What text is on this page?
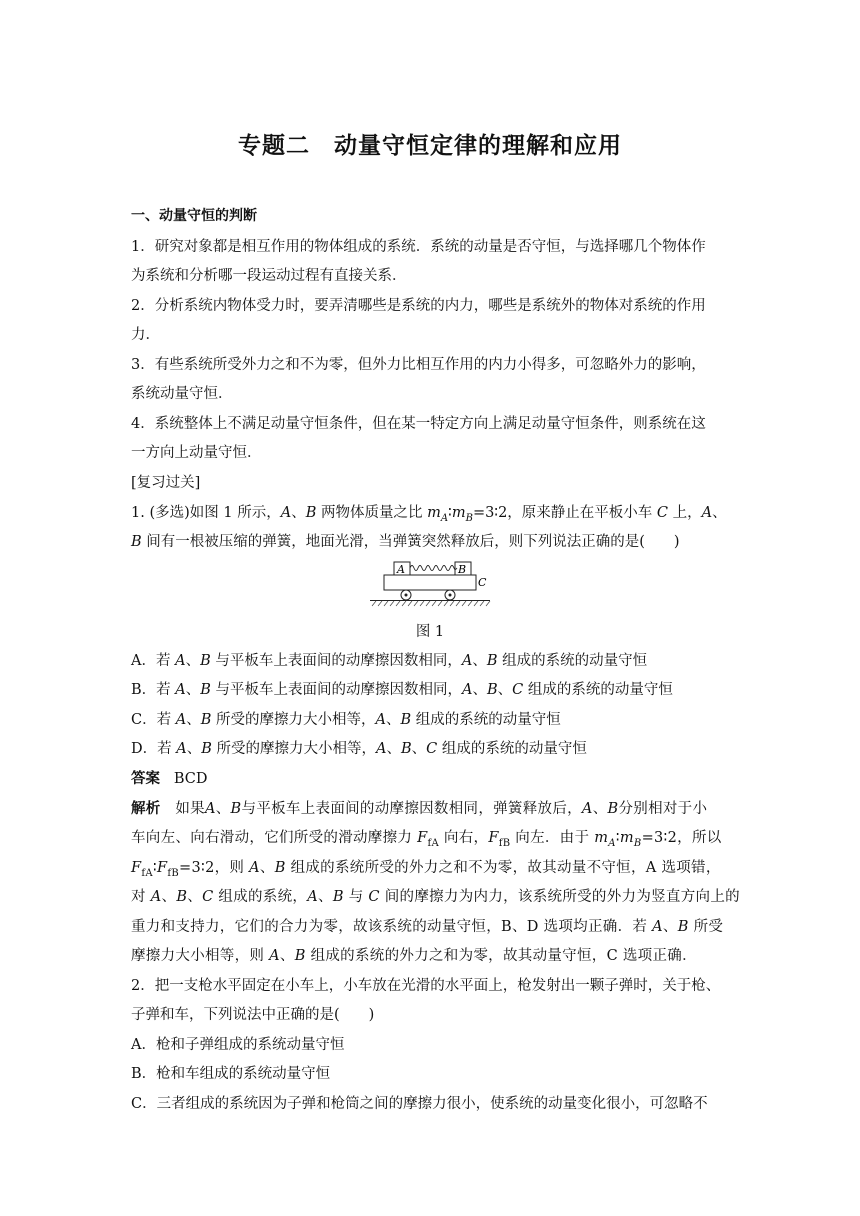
专题二　动量守恒定律的理解和应用
一、动量守恒的判断
1．研究对象都是相互作用的物体组成的系统．系统的动量是否守恒，与选择哪几个物体作
为系统和分析哪一段运动过程有直接关系．
2．分析系统内物体受力时，要弄清哪些是系统的内力，哪些是系统外的物体对系统的作用
力．
3．有些系统所受外力之和不为零，但外力比相互作用的内力小得多，可忽略外力的影响，
系统动量守恒．
4．系统整体上不满足动量守恒条件，但在某一特定方向上满足动量守恒条件，则系统在这
一方向上动量守恒．
[复习过关]
1. (多选)如图 1 所示，A、B 两物体质量之比 $m_A∶m_B=3∶2$，原来静止在平板小车 C 上，A、
B 间有一根被压缩的弹簧，地面光滑，当弹簧突然释放后，则下列说法正确的是(　　)
A	B
C
图 1
A．若 A、B 与平板车上表面间的动摩擦因数相同，A、B 组成的系统的动量守恒
B．若 A、B 与平板车上表面间的动摩擦因数相同，A、B、C 组成的系统的动量守恒
C．若 A、B 所受的摩擦力大小相等，A、B 组成的系统的动量守恒
D．若 A、B 所受的摩擦力大小相等，A、B、C 组成的系统的动量守恒
答案 BCD
解析 如果A、B与平板车上表面间的动摩擦因数相同，弹簧释放后，A、B分别相对于小
车向左、向右滑动，它们所受的滑动摩擦力 $F_{fA}$ 向右，$F_{fB}$ 向左．由于 $m_A∶m_B=3∶2$，所以
$F_{fA}∶F_{fB}=3∶2$，则 A、B 组成的系统所受的外力之和不为零，故其动量不守恒，A 选项错，
对 A、B、C 组成的系统，A、B 与 C 间的摩擦力为内力，该系统所受的外力为竖直方向上的
重力和支持力，它们的合力为零，故该系统的动量守恒，B、D 选项均正确．若 A、B 所受
摩擦力大小相等，则 A、B 组成的系统的外力之和为零，故其动量守恒，C 选项正确．
2．把一支枪水平固定在小车上，小车放在光滑的水平面上，枪发射出一颗子弹时，关于枪、
子弹和车，下列说法中正确的是(　　)
A．枪和子弹组成的系统动量守恒
B．枪和车组成的系统动量守恒
C．三者组成的系统因为子弹和枪筒之间的摩擦力很小，使系统的动量变化很小，可忽略不
